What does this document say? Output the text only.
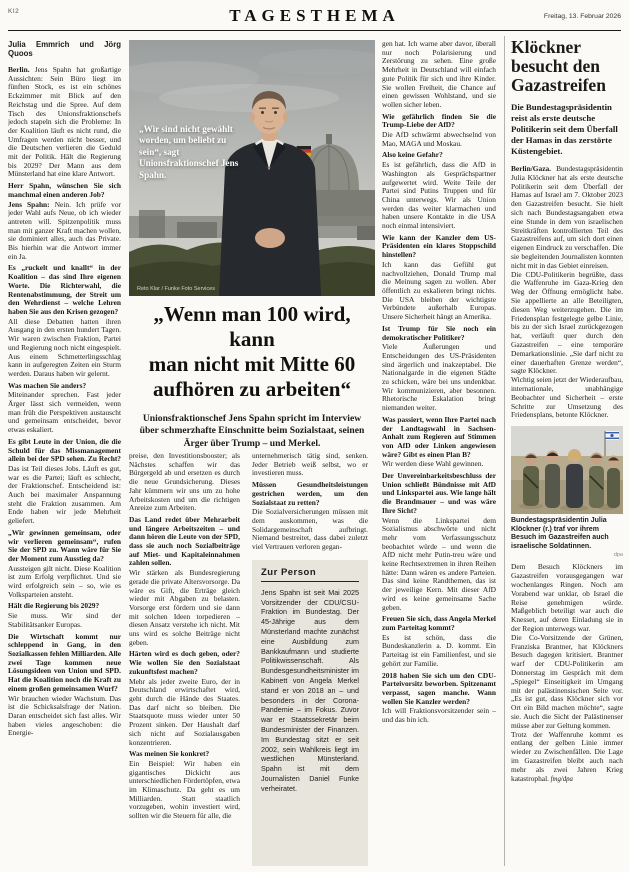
KI2	TAGESTHEMA	Freitag, 13. Februar 2026
Julia Emmrich und Jörg Quoos

Berlin. Jens Spahn hat großartige Aussichten: Sein Büro liegt im fünften Stock, es ist ein schönes Eckzimmer mit Blick auf den Reichstag und die Spree. Auf dem Tisch des Unionsfraktionschefs jedoch stapeln sich die Probleme: In der Koalition läuft es nicht rund, die Umfragen werden nicht besser, und die Deutschen verlieren die Geduld mit der Politik. Hält die Regierung bis 2029? Der Mann aus dem Münsterland hat eine klare Antwort.

Herr Spahn, wünschen Sie sich manchmal einen anderen Job?

Jens Spahn: Nein. Ich prüfe vor jeder Wahl aufs Neue, ob ich wieder antreten will. Spitzenpolitik muss man mit ganzer Kraft machen wollen, sie dominiert alles, auch das Private. Bis hierhin war die Antwort immer ein Ja.

Es „ruckelt und knallt“ in der Koalition – das sind Ihre eigenen Worte. Die Richterwahl, die Rentenabstimmung, der Streit um den Wehrdienst – welche Lehren haben Sie aus den Krisen gezogen?

All diese Debatten hatten ihren Ausgang in den ersten hundert Tagen. Wir waren zwischen Fraktion, Partei und Regierung noch nicht eingespielt. Aus einem Schmetterlingsschlag kann in aufgeregten Zeiten ein Sturm werden. Daraus haben wir gelernt.

Was machen Sie anders?

Miteinander sprechen. Fast jeder Ärger lässt sich vermeiden, wenn man früh die Perspektiven austauscht und gemeinsam entscheidet, bevor etwas eskaliert.

Es gibt Leute in der Union, die die Schuld für das Missmanagement allein bei der SPD sehen. Zu Recht?

Das ist Teil dieses Jobs. Läuft es gut, war es die Partei; läuft es schlecht, der Fraktionschef. Entscheidend ist: Auch bei maximaler Anspannung steht die Fraktion zusammen. Am Ende haben wir jede Mehrheit geliefert.

„Wir gewinnen gemeinsam, oder wir verlieren gemeinsam“, rufen Sie der SPD zu. Wann wäre für Sie der Moment zum Ausstieg da?

Aussteigen gilt nicht. Diese Koalition ist zum Erfolg verpflichtet. Und sie wird erfolgreich sein – so, wie es Volksparteien ansteht.

Hält die Regierung bis 2029?

Sie muss. Wir sind der Stabilitätsanker Europas.

Die Wirtschaft kommt nur schleppend in Gang, in den Sozialkassen fehlen Milliarden. Alle zwei Tage kommen neue Lösungsideen von Union und SPD. Hat die Koalition noch die Kraft zu einem großen gemeinsamen Wurf?

Wir brauchen wieder Wachstum. Das ist die Schicksalsfrage der Nation. Daran entscheidet sich fast alles. Wir haben vieles angeschoben: die Energie-

„Wir sind nicht gewählt worden, um beliebt zu sein“, sagt Unionsfraktionschef Jens Spahn.
Reto Klar / Funke Foto Services
„Wenn man 100 wird, kann
man nicht mit Mitte 60
aufhören zu arbeiten“

Unionsfraktionschef Jens Spahn spricht im Interview über schmerzhafte Einschnitte beim Sozialstaat, seinen Ärger über Trump – und Merkel.

preise, den Investitionsbooster; als Nächstes schaffen wir das Bürgergeld ab und ersetzen es durch die neue Grundsicherung. Dieses Jahr kümmern wir uns um zu hohe Arbeitskosten und um die richtigen Anreize zum Arbeiten.

Das Land redet über Mehrarbeit und längere Arbeitszeiten – und dann hören die Leute von der SPD, dass sie auch noch Sozialbeiträge auf Miet- und Kapitaleinnahmen zahlen sollen.

Wir stärken als Bundesregierung gerade die private Altersvorsorge. Da wäre es Gift, die Erträge gleich wieder mit Abgaben zu belasten. Vorsorge erst fördern und sie dann mit solchen Ideen torpedieren – diesen Ansatz verstehe ich nicht. Mit uns wird es solche Beiträge nicht geben.

Härten wird es doch geben, oder? Wie wollen Sie den Sozialstaat zukunftsfest machen?

Mehr als jeder zweite Euro, der in Deutschland erwirtschaftet wird, geht durch die Hände des Staates. Das darf nicht so bleiben. Die Staatsquote muss wieder unter 50 Prozent sinken. Der Haushalt darf sich nicht auf Sozialausgaben konzentrieren.

Was meinen Sie konkret?

Ein Beispiel: Wir haben ein gigantisches Dickicht aus unterschiedlichen Fördertöpfen, etwa im Klimaschutz. Da geht es um Milliarden. Statt staatlich vorzugeben, wohin investiert wird, sollten wir die Steuern für alle, die

unternehmerisch tätig sind, senken. Jeder Betrieb weiß selbst, wo er investieren muss.

Müssen Gesundheitsleistungen gestrichen werden, um den Sozialstaat zu retten?

Die Sozialversicherungen müssen mit dem auskommen, was die Solidargemeinschaft aufbringt. Niemand bestreitet, dass dabei zuletzt viel Vertrauen verloren gegan-

gen hat. Ich warne aber davor, überall nur noch Polarisierung und Zerstörung zu sehen. Eine große Mehrheit in Deutschland will einfach gute Politik für sich und ihre Kinder. Sie wollen Freiheit, die Chance auf einen gewissen Wohlstand, und sie wollen sicher leben.

Wie gefährlich finden Sie die Trump-Liebe der AfD?

Die AfD schwärmt abwechselnd von Mao, MAGA und Moskau.

Also keine Gefahr?

Es ist gefährlich, dass die AfD in Washington als Gesprächspartner aufgewertet wird. Weite Teile der Partei sind Putins Truppen und für China unterwegs. Wir als Union werden das weiter klarmachen und haben unsere Kontakte in die USA noch einmal intensiviert.

Wie kann der Kanzler dem US-Präsidenten ein klares Stoppschild hinstellen?

Ich kann das Gefühl gut nachvollziehen, Donald Trump mal die Meinung sagen zu wollen. Aber öffentlich zu eskalieren bringt nichts. Die USA bleiben der wichtigste Verbündete außerhalb Europas. Unsere Sicherheit hängt an Amerika.

Ist Trump für Sie noch ein demokratischer Politiker?

Viele Äußerungen und Entscheidungen des US-Präsidenten sind ärgerlich und inakzeptabel. Die Nationalgarde in die eigenen Städte zu schicken, wäre bei uns undenkbar. Wir kommunizieren, aber besonnen. Rhetorische Eskalation bringt niemanden weiter.

Was passiert, wenn Ihre Partei nach der Landtagswahl in Sachsen-Anhalt zum Regieren auf Stimmen von AfD oder Linken angewiesen wäre? Gibt es einen Plan B?

Wir werden diese Wahl gewinnen.

Der Unvereinbarkeitsbeschluss der Union schließt Bündnisse mit AfD und Linkspartei aus. Wie lange hält die Brandmauer – und was wäre Ihre Sicht?

Wenn die Linkspartei dem Sozialismus abschwörte und nicht mehr vom Verfassungsschutz beobachtet würde – und wenn die AfD nicht mehr Putin-treu wäre und keine Rechtsextremen in ihren Reihen hätte: Dann wären es andere Parteien. Das sind keine Randthemen, das ist der jeweilige Kern. Mit dieser AfD wird es keine gemeinsame Sache geben.

Freuen Sie sich, dass Angela Merkel zum Parteitag kommt?

Es ist schön, dass die Bundeskanzlerin a. D. kommt. Ein Parteitag ist ein Familienfest, und sie gehört zur Familie.

2018 haben Sie sich um den CDU-Parteivorsitz beworben. Spitzenamt verpasst, sagen manche. Wann wollen Sie Kanzler werden?

Ich will Fraktionsvorsitzender sein – und das bin ich.

Zur Person

Jens Spahn ist seit Mai 2025 Vorsitzender der CDU/CSU-Fraktion im Bundestag. Der 45-Jährige aus dem Münsterland machte zunächst eine Ausbildung zum Bankkaufmann und studierte Politikwissenschaft. Als Bundesgesundheitsminister im Kabinett von Angela Merkel stand er von 2018 an – und besonders in der Corona-Pandemie – im Fokus. Zuvor war er Staatssekretär beim Bundesminister der Finanzen. Im Bundestag sitzt er seit 2002, sein Wahlkreis liegt im westlichen Münsterland. Spahn ist mit dem Journalisten Daniel Funke verheiratet.

Klöckner besucht den Gazastreifen

Die Bundestagspräsidentin reist als erste deutsche Politikerin seit dem Überfall der Hamas in das zerstörte Küstengebiet.

Berlin/Gaza. Bundestagspräsidentin Julia Klöckner hat als erste deutsche Politikerin seit dem Überfall der Hamas auf Israel am 7. Oktober 2023 den Gazastreifen besucht. Sie hielt sich nach Bundestagsangaben etwa eine Stunde in dem von israelischen Streitkräften kontrollierten Teil des Gazastreifens auf, um sich dort einen eigenen Eindruck zu verschaffen. Die sie begleitenden Journalisten konnten nicht mit in das Gebiet einreisen.

Die CDU-Politikerin begrüßte, dass die Waffenruhe im Gaza-Krieg den Weg der Öffnung ermöglicht habe. Sie appellierte an alle Beteiligten, diesen Weg weiterzugehen. Die im Friedensplan festgelegte gelbe Linie, bis zu der sich Israel zurückgezogen hat, verläuft quer durch den Gazastreifen – eine temporäre Demarkationslinie. „Sie darf nicht zu einer dauerhaften Grenze werden“, sagte Klöckner.

Wichtig seien jetzt der Wiederaufbau, internationale, unabhängige Beobachter und Sicherheit – erste Schritte zur Umsetzung des Friedensplans, betonte Klöckner.

Bundestagspräsidentin Julia Klöckner (r.) traf vor ihrem Besuch im Gazastreifen auch israelische Soldatinnen.
dpa

Dem Besuch Klöckners im Gazastreifen vorausgegangen war wochenlanges Ringen. Noch am Vorabend war unklar, ob Israel die Reise genehmigen würde. Maßgeblich beteiligt war auch die Knesset, auf deren Einladung sie in der Region unterwegs war.

Die Co-Vorsitzende der Grünen, Franziska Brantner, hat Klöckners Besuch dagegen kritisiert. Brantner warf der CDU-Politikerin am Donnerstag im Gespräch mit dem „Spiegel“ Einseitigkeit im Umgang mit der palästinensischen Seite vor. „Es ist gut, dass Klöckner sich vor Ort ein Bild machen möchte“, sagte sie. Auch die Sicht der Palästinenser müsse aber zur Geltung kommen.

Trotz der Waffenruhe kommt es entlang der gelben Linie immer wieder zu Zwischenfällen. Die Lage im Gazastreifen bleibt auch nach mehr als zwei Jahren Krieg katastrophal. fmg/dpa
